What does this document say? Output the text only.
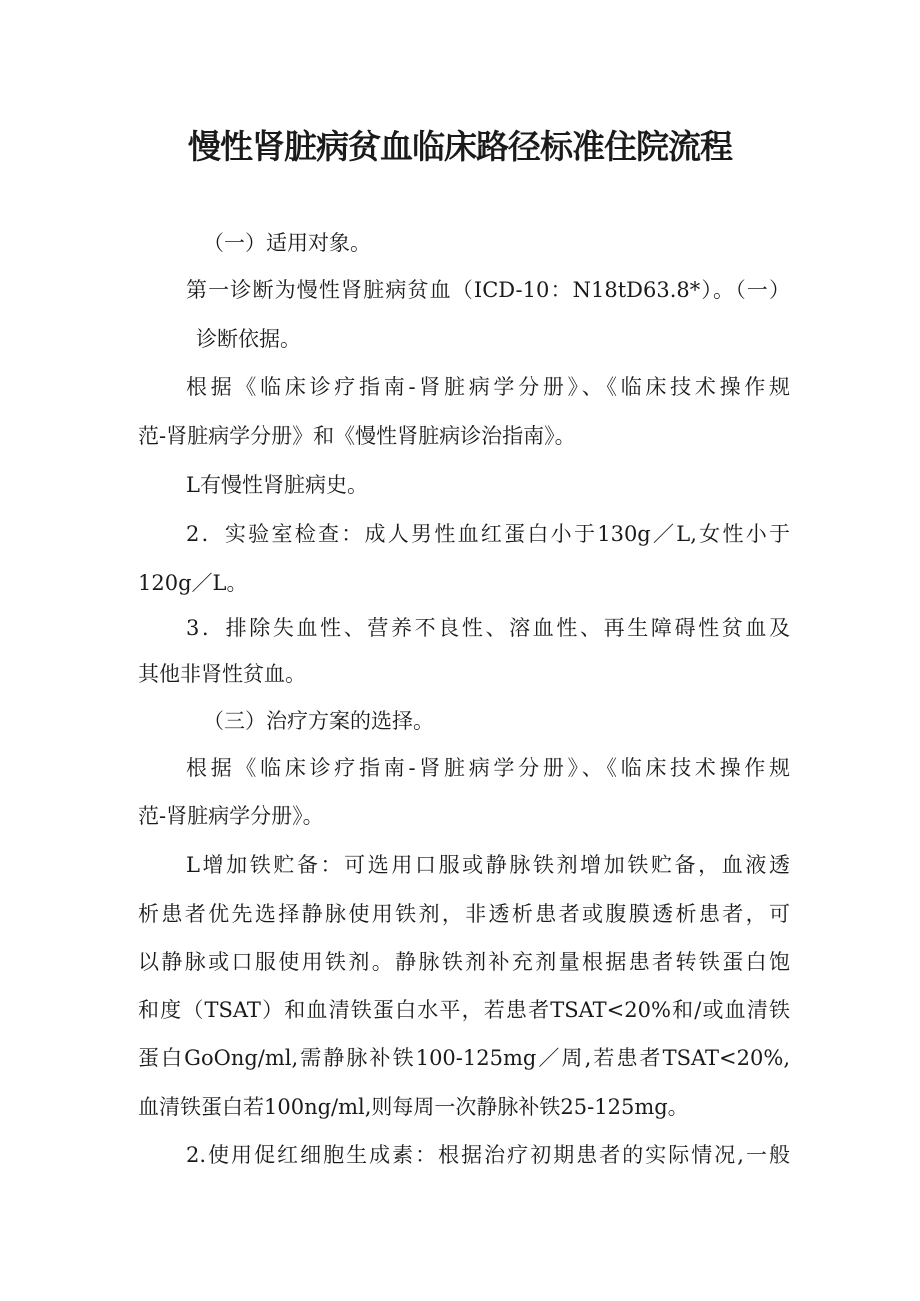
慢性肾脏病贫血临床路径标准住院流程

（一）适用对象。

第一诊断为慢性肾脏病贫血（ICD-10：N18tD63.8*）。（一）

诊断依据。

根据《临床诊疗指南-肾脏病学分册》、《临床技术操作规

范-肾脏病学分册》和《慢性肾脏病诊治指南》。

L有慢性肾脏病史。

2．实验室检查：成人男性血红蛋白小于130g／L,女性小于

120g／L。

3．排除失血性、营养不良性、溶血性、再生障碍性贫血及

其他非肾性贫血。

（三）治疗方案的选择。

根据《临床诊疗指南-肾脏病学分册》、《临床技术操作规

范-肾脏病学分册》。

L增加铁贮备：可选用口服或静脉铁剂增加铁贮备，血液透

析患者优先选择静脉使用铁剂，非透析患者或腹膜透析患者，可

以静脉或口服使用铁剂。静脉铁剂补充剂量根据患者转铁蛋白饱

和度（TSAT）和血清铁蛋白水平，若患者TSAT<20%和/或血清铁

蛋白GoOng/ml,需静脉补铁100-125mg／周,若患者TSAT<20%,

血清铁蛋白若100ng/ml,则每周一次静脉补铁25-125mg。

2.使用促红细胞生成素：根据治疗初期患者的实际情况,一般
